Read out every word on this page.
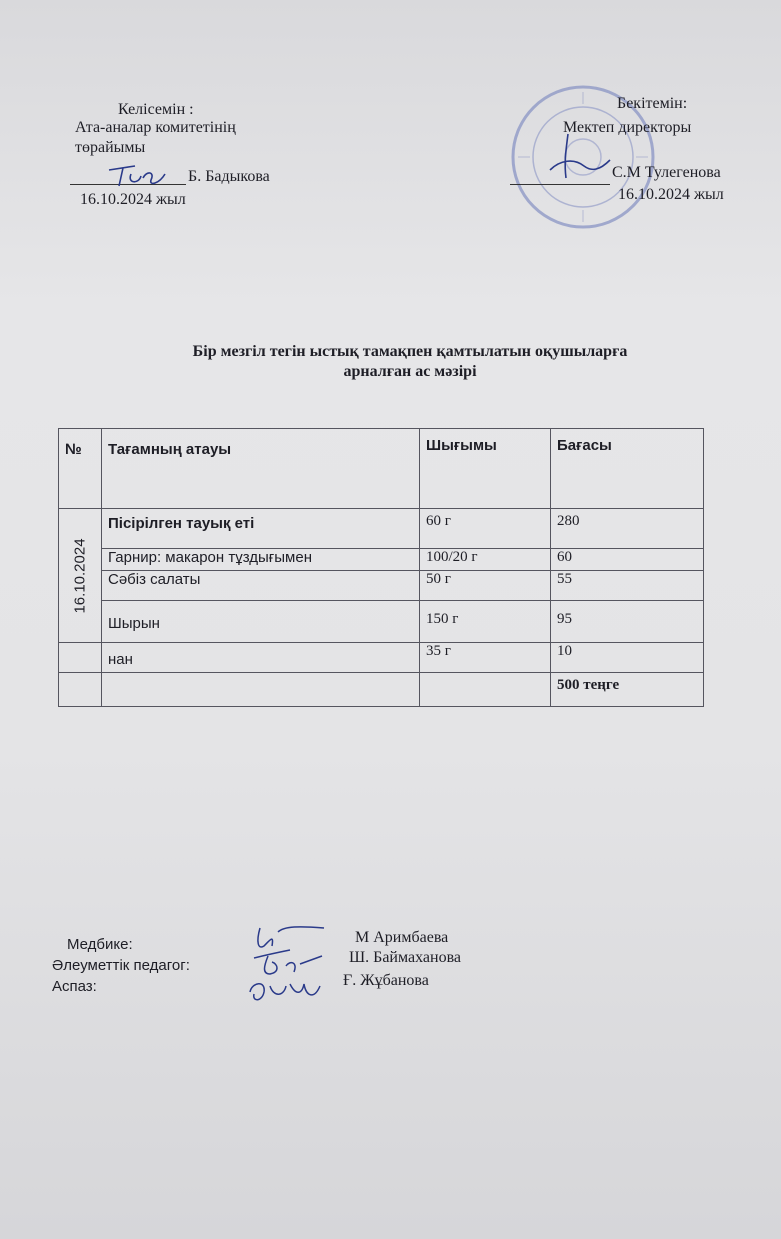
Келісемін :
Ата-аналар комитетінің
төрайымы
Б. Бадыкова
16.10.2024 жыл
Бекітемін:
Мектеп директоры
С.М Тулегенова
16.10.2024 жыл
Бір мезгіл тегін ыстық тамақпен қамтылатын оқушыларға
арналған ас мәзірі
№	Тағамның атауы	Шығымы	Бағасы

16.10.2024	Пісірілген тауық еті	60 г	280
	Гарнир: макарон тұздығымен	100/20 г	60
	Сәбіз салаты	50 г	55
	Шырын	150 г	95
	нан	35 г	10
			500 теңге
Медбике:
Әлеуметтік педагог:
Аспаз:
М Аримбаева
Ш. Баймаханова
Ғ. Жұбанова
